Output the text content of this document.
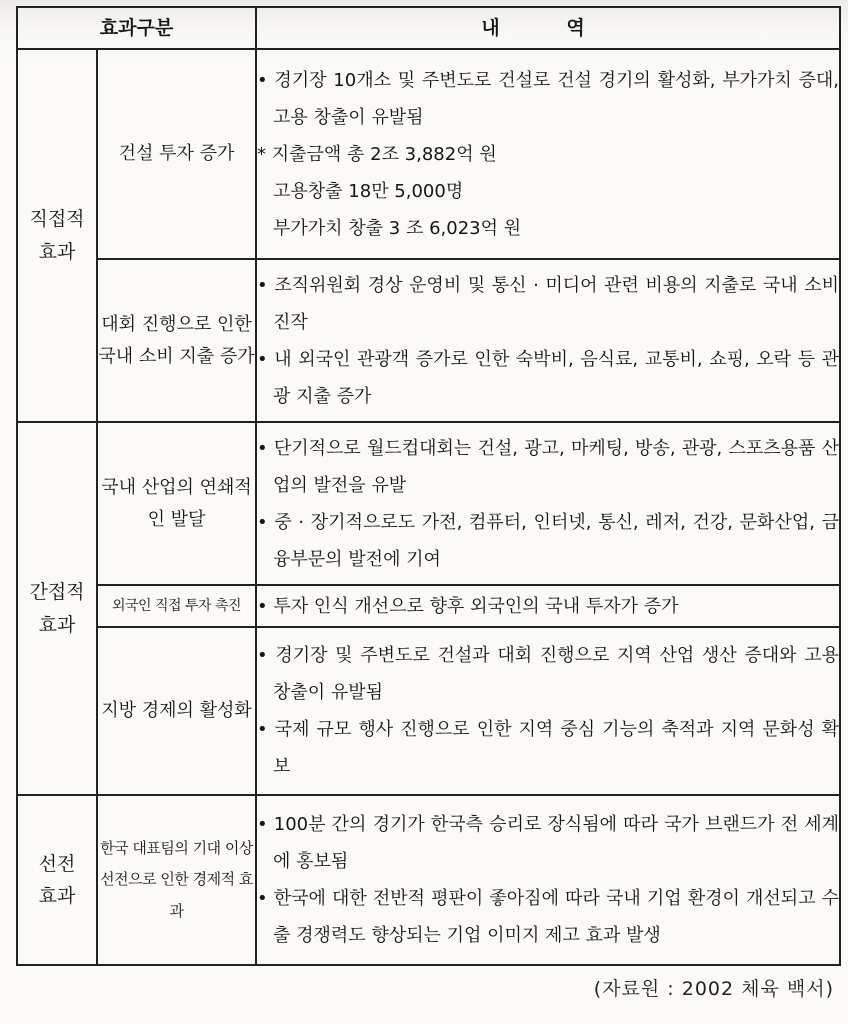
효과구분		내 역
직접적
효과	건설 투자 증가	• 경기장 10개소 및 주변도로 건설로 건설 경기의 활성화, 부가가치 증대, 고용 창출이 유발됨
* 지출금액 총 2조 3,882억 원
고용창출 18만 5,000명
부가가치 창출 3 조 6,023억 원

	대회 진행으로 인한 국내 소비 지출 증가	• 조직위원회 경상 운영비 및 통신 · 미디어 관련 비용의 지출로 국내 소비 진작
• 내 외국인 관광객 증가로 인한 숙박비, 음식료, 교통비, 쇼핑, 오락 등 관광 지출 증가

간접적
효과	국내 산업의 연쇄적인 발달	• 단기적으로 월드컵대회는 건설, 광고, 마케팅, 방송, 관광, 스포츠용품 산업의 발전을 유발
• 중 · 장기적으로도 가전, 컴퓨터, 인터넷, 통신, 레저, 건강, 문화산업, 금융부문의 발전에 기여

	외국인 직접 투자 촉진	• 투자 인식 개선으로 향후 외국인의 국내 투자가 증가

	지방 경제의 활성화	• 경기장 및 주변도로 건설과 대회 진행으로 지역 산업 생산 증대와 고용 창출이 유발됨
• 국제 규모 행사 진행으로 인한 지역 중심 기능의 축적과 지역 문화성 확보

선전
효과	한국 대표팀의 기대 이상 선전으로 인한 경제적 효과	• 100분 간의 경기가 한국측 승리로 장식됨에 따라 국가 브랜드가 전 세계에 홍보됨
• 한국에 대한 전반적 평판이 좋아짐에 따라 국내 기업 환경이 개선되고 수출 경쟁력도 향상되는 기업 이미지 제고 효과 발생
(자료원 : 2002 체육 백서)
